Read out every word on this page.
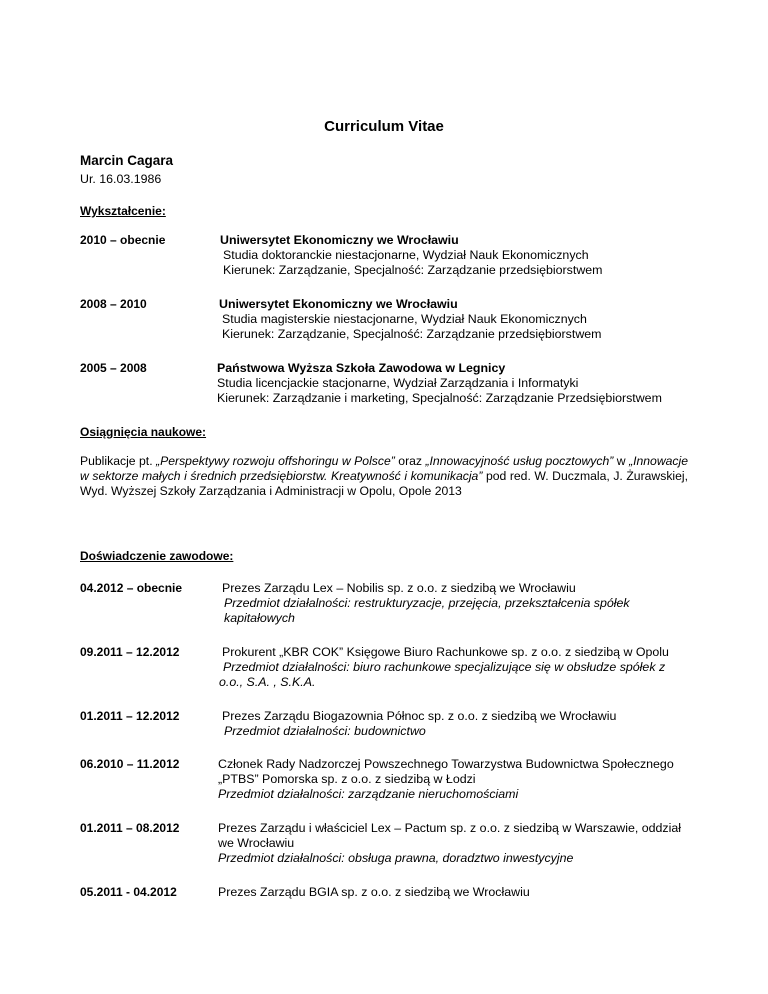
Curriculum Vitae
Marcin Cagara
Ur. 16.03.1986
Wykształcenie:
2010 – obecnie	Uniwersytet Ekonomiczny we Wrocławiu
Studia doktoranckie niestacjonarne, Wydział Nauk Ekonomicznych
Kierunek: Zarządzanie, Specjalność: Zarządzanie przedsiębiorstwem
2008 – 2010	Uniwersytet Ekonomiczny we Wrocławiu
Studia magisterskie niestacjonarne, Wydział Nauk Ekonomicznych
Kierunek: Zarządzanie, Specjalność: Zarządzanie przedsiębiorstwem
2005 – 2008	Państwowa Wyższa Szkoła Zawodowa w Legnicy
Studia licencjackie stacjonarne, Wydział Zarządzania i Informatyki
Kierunek: Zarządzanie i marketing, Specjalność: Zarządzanie Przedsiębiorstwem
Osiągnięcia naukowe:
Publikacje pt. „Perspektywy rozwoju offshoringu w Polsce” oraz „Innowacyjność usług pocztowych” w „Innowacje w sektorze małych i średnich przedsiębiorstw. Kreatywność i komunikacja” pod red. W. Duczmala, J. Żurawskiej, Wyd. Wyższej Szkoły Zarządzania i Administracji w Opolu, Opole 2013
Doświadczenie zawodowe:
04.2012 – obecnie	Prezes Zarządu Lex – Nobilis sp. z o.o. z siedzibą we Wrocławiu
Przedmiot działalności: restrukturyzacje, przejęcia, przekształcenia spółek kapitałowych
09.2011 – 12.2012	Prokurent „KBR COK” Księgowe Biuro Rachunkowe sp. z o.o. z siedzibą w Opolu
Przedmiot działalności: biuro rachunkowe specjalizujące się w obsłudze spółek z o.o., S.A. , S.K.A.
01.2011 – 12.2012	Prezes Zarządu Biogazownia Północ sp. z o.o. z siedzibą we Wrocławiu
Przedmiot działalności: budownictwo
06.2010 – 11.2012	Członek Rady Nadzorczej Powszechnego Towarzystwa Budownictwa Społecznego „PTBS” Pomorska sp. z o.o. z siedzibą w Łodzi
Przedmiot działalności: zarządzanie nieruchomościami
01.2011 – 08.2012	Prezes Zarządu i właściciel Lex – Pactum sp. z o.o. z siedzibą w Warszawie, oddział we Wrocławiu
Przedmiot działalności: obsługa prawna, doradztwo inwestycyjne
05.2011 - 04.2012	Prezes Zarządu BGIA sp. z o.o. z siedzibą we Wrocławiu
